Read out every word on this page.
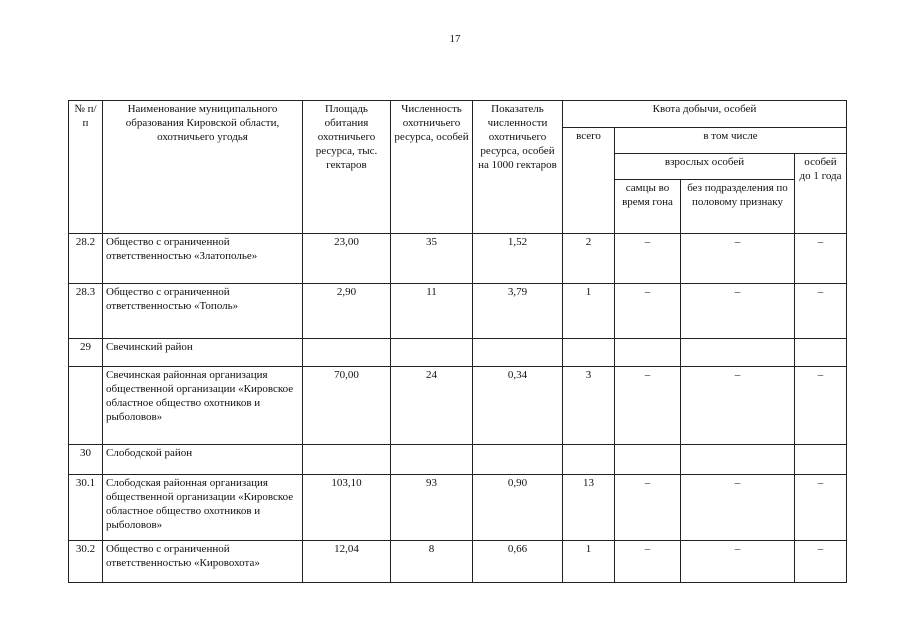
17
№ п/п	Наименование муниципального образования Кировской области, охотничьего угодья	Площадь обитания охотничьего ресурса, тыс. гектаров	Численность охотничьего ресурса, особей	Показатель численности охотничьего ресурса, особей на 1000 гектаров	Квота добычи, особей			
					всего	в том числе		
						взрослых особей		особей до 1 года
						самцы во время гона	без подразделения по половому признаку	
28.2	Общество с ограниченной ответственностью «Златополье»	23,00	35	1,52	2	–	–	–
28.3	Общество с ограниченной ответственностью «Тополь»	2,90	11	3,79	1	–	–	–
29	Свечинский район							
	Свечинская районная организация общественной организации «Кировское областное общество охотников и рыболовов»	70,00	24	0,34	3	–	–	–
30	Слободской район							
30.1	Слободская районная организация общественной организации «Кировское областное общество охотников и рыболовов»	103,10	93	0,90	13	–	–	–
30.2	Общество с ограниченной ответственностью «Кировохота»	12,04	8	0,66	1	–	–	–
